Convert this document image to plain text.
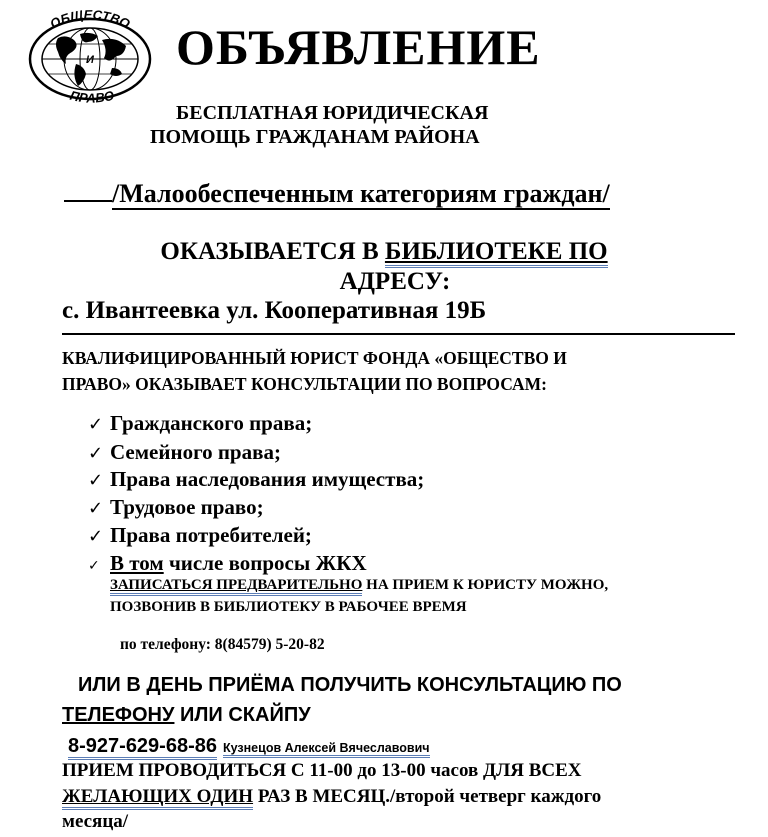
ОБЩЕСТВО
И
ПРАВО
ОБЪЯВЛЕНИЕ
БЕСПЛАТНАЯ ЮРИДИЧЕСКАЯ
ПОМОЩЬ ГРАЖДАНАМ РАЙОНА
/Малообеспеченным категориям граждан/
ОКАЗЫВАЕТСЯ В БИБЛИОТЕКЕ ПО
АДРЕСУ:
с. Ивантеевка ул. Кооперативная 19Б
КВАЛИФИЦИРОВАННЫЙ ЮРИСТ ФОНДА «ОБЩЕСТВО И
ПРАВО» ОКАЗЫВАЕТ КОНСУЛЬТАЦИИ ПО ВОПРОСАМ:
✓ Гражданского права;
✓ Семейного права;
✓ Права наследования имущества;
✓ Трудовое право;
✓ Права потребителей;
✓ В том числе вопросы ЖКХ
ЗАПИСАТЬСЯ ПРЕДВАРИТЕЛЬНО НА ПРИЕМ К ЮРИСТУ МОЖНО,
ПОЗВОНИВ В БИБЛИОТЕКУ В РАБОЧЕЕ ВРЕМЯ
по телефону: 8(84579) 5-20-82
ИЛИ В ДЕНЬ ПРИЁМА ПОЛУЧИТЬ КОНСУЛЬТАЦИЮ ПО
ТЕЛЕФОНУ ИЛИ СКАЙПУ
8-927-629-68-86 Кузнецов Алексей Вячеславович
ПРИЕМ ПРОВОДИТЬСЯ С 11-00 до 13-00 часов ДЛЯ ВСЕХ
ЖЕЛАЮЩИХ ОДИН РАЗ В МЕСЯЦ./второй четверг каждого
месяца/
